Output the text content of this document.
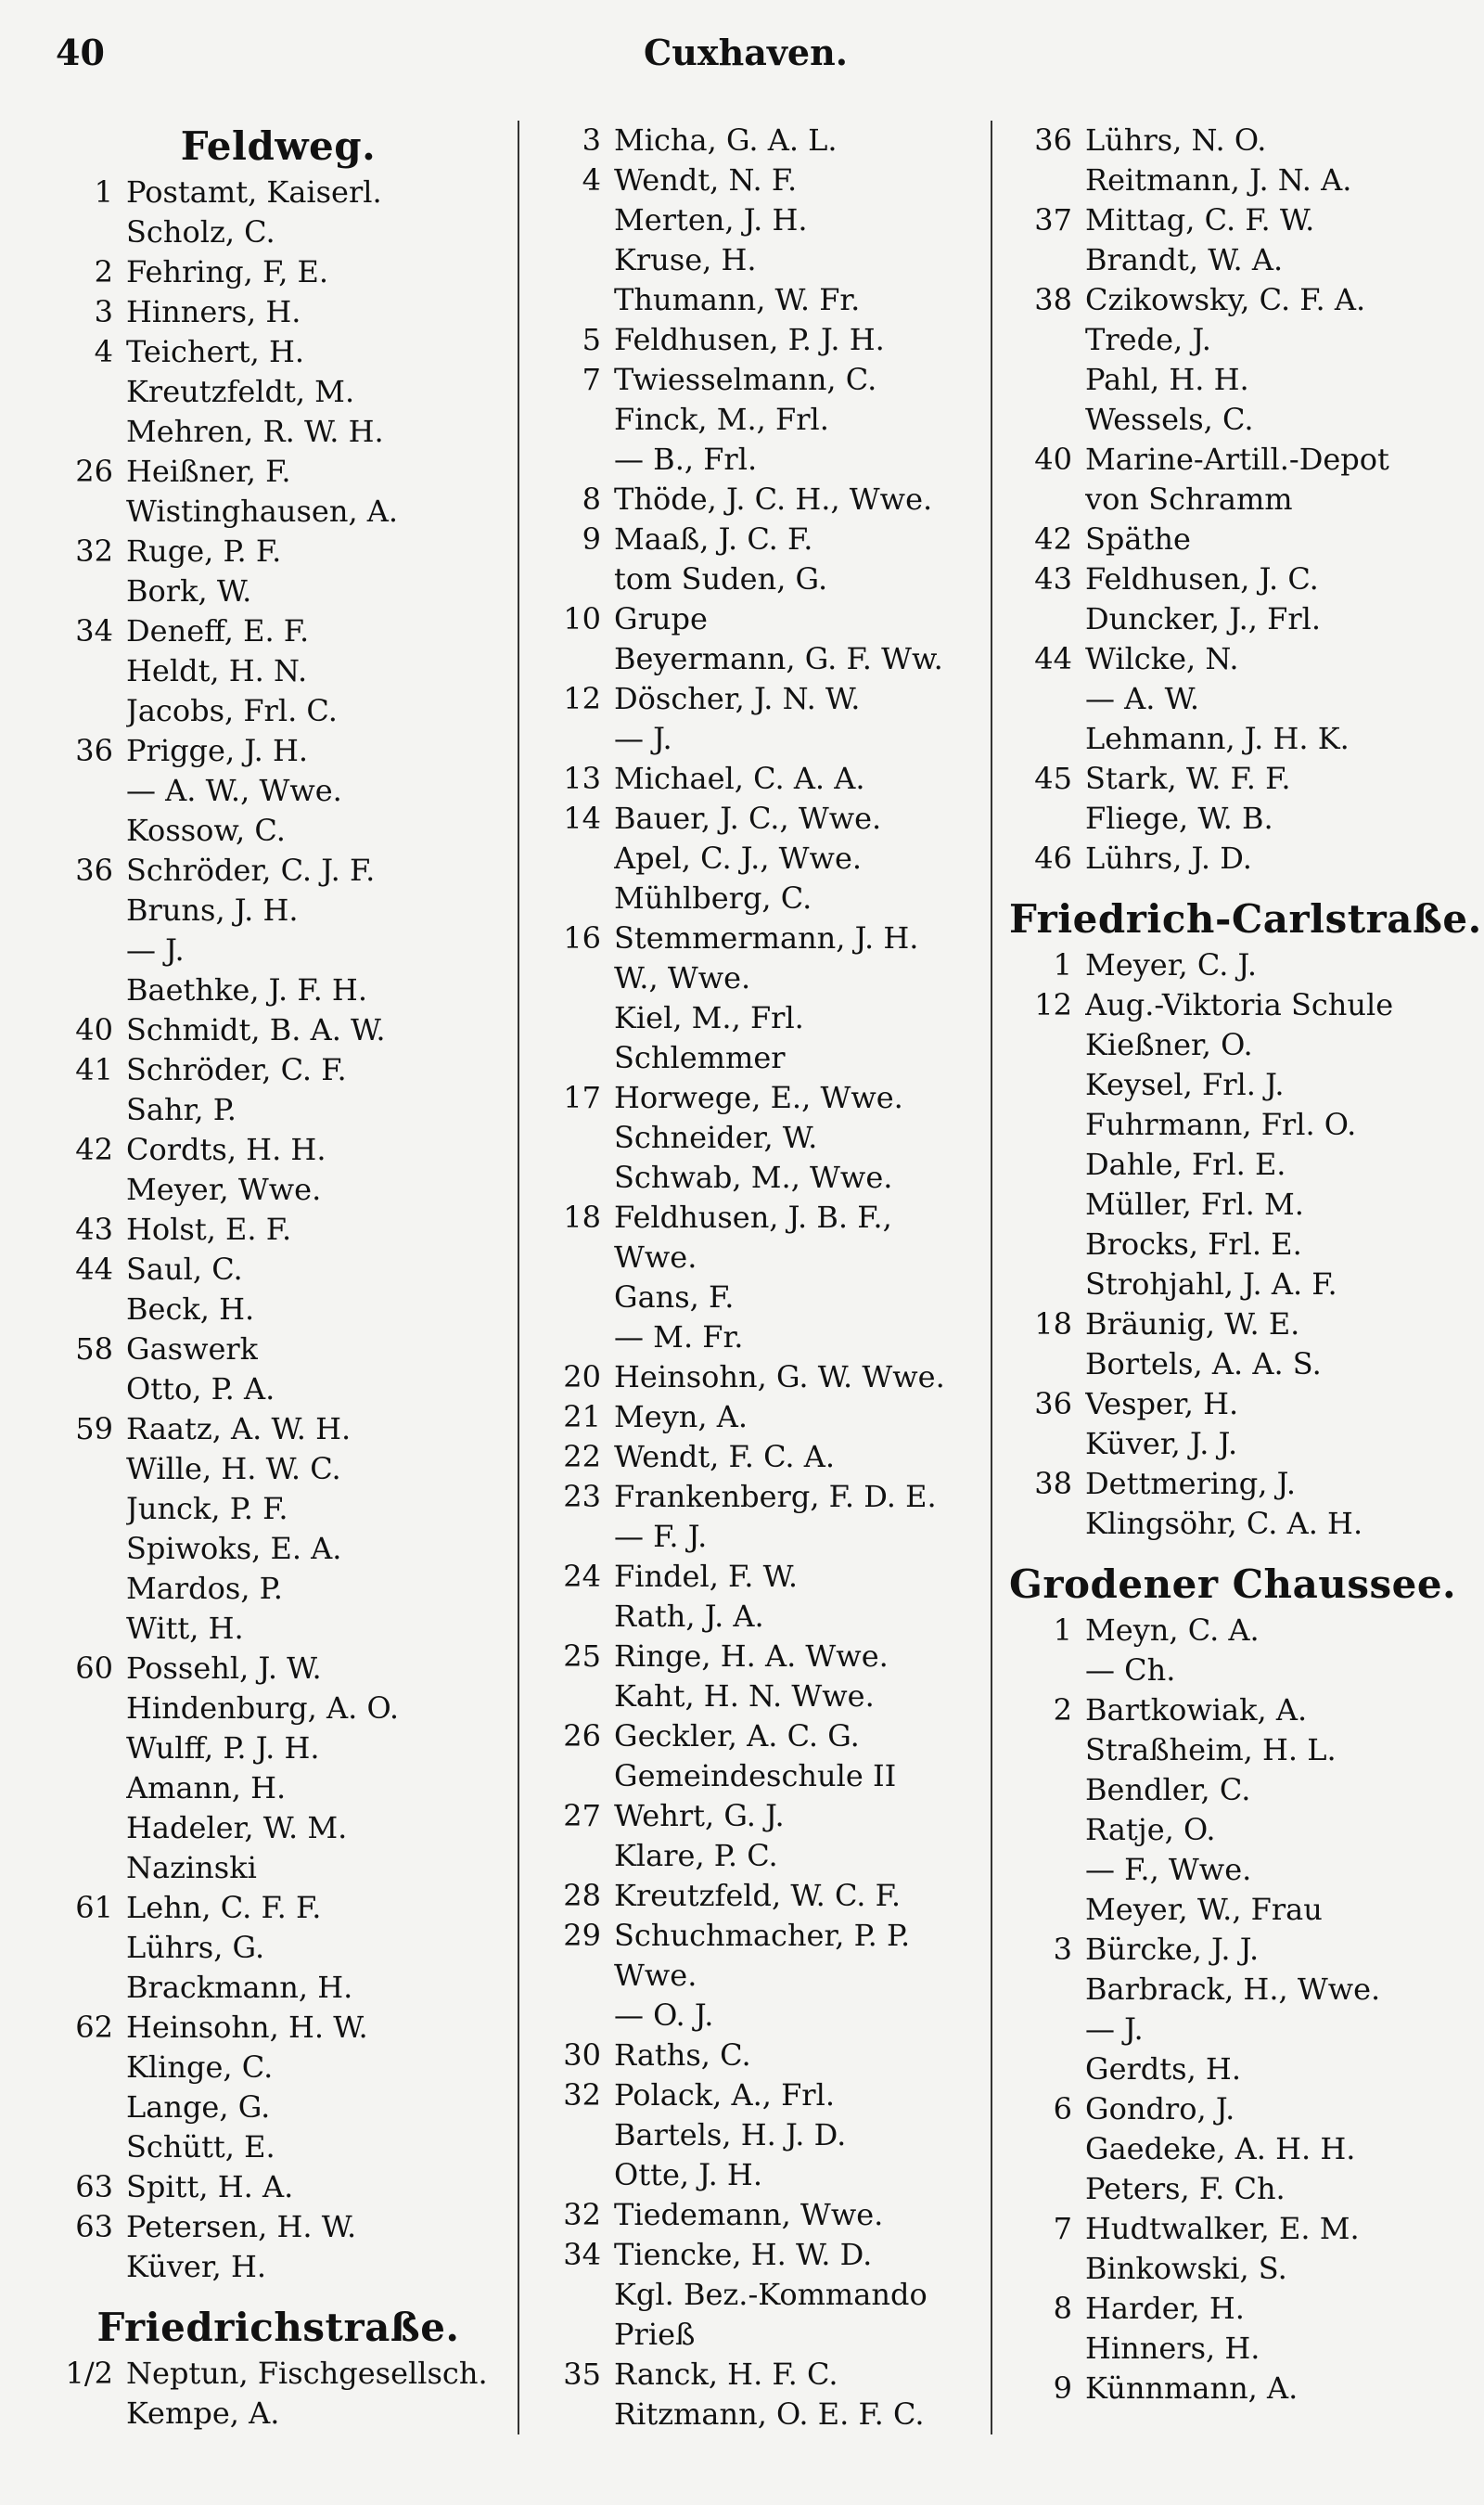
40	Cuxhaven.
Feldweg.
1 Postamt, Kaiserl.
Scholz, C.
2 Fehring, F, E.
3 Hinners, H.
4 Teichert, H.
Kreutzfeldt, M.
Mehren, R. W. H.
26 Heißner, F.
Wistinghausen, A.
32 Ruge, P. F.
Bork, W.
34 Deneff, E. F.
Heldt, H. N.
Jacobs, Frl. C.
36 Prigge, J. H.
— A. W., Wwe.
Kossow, C.
36 Schröder, C. J. F.
Bruns, J. H.
— J.
Baethke, J. F. H.
40 Schmidt, B. A. W.
41 Schröder, C. F.
Sahr, P.
42 Cordts, H. H.
Meyer, Wwe.
43 Holst, E. F.
44 Saul, C.
Beck, H.
58 Gaswerk
Otto, P. A.
59 Raatz, A. W. H.
Wille, H. W. C.
Junck, P. F.
Spiwoks, E. A.
Mardos, P.
Witt, H.
60 Possehl, J. W.
Hindenburg, A. O.
Wulff, P. J. H.
Amann, H.
Hadeler, W. M.
Nazinski
61 Lehn, C. F. F.
Lührs, G.
Brackmann, H.
62 Heinsohn, H. W.
Klinge, C.
Lange, G.
Schütt, E.
63 Spitt, H. A.
63 Petersen, H. W.
Küver, H.
Friedrichstraße.
1/2 Neptun, Fischgesellsch.
Kempe, A.
3 Micha, G. A. L.
4 Wendt, N. F.
Merten, J. H.
Kruse, H.
Thumann, W. Fr.
5 Feldhusen, P. J. H.
7 Twiesselmann, C.
Finck, M., Frl.
— B., Frl.
8 Thöde, J. C. H., Wwe.
9 Maaß, J. C. F.
tom Suden, G.
10 Grupe
Beyermann, G. F. Ww.
12 Döscher, J. N. W.
— J.
13 Michael, C. A. A.
14 Bauer, J. C., Wwe.
Apel, C. J., Wwe.
Mühlberg, C.
16 Stemmermann, J. H.
W., Wwe.
Kiel, M., Frl.
Schlemmer
17 Horwege, E., Wwe.
Schneider, W.
Schwab, M., Wwe.
18 Feldhusen, J. B. F.,
Wwe.
Gans, F.
— M. Fr.
20 Heinsohn, G. W. Wwe.
21 Meyn, A.
22 Wendt, F. C. A.
23 Frankenberg, F. D. E.
— F. J.
24 Findel, F. W.
Rath, J. A.
25 Ringe, H. A. Wwe.
Kaht, H. N. Wwe.
26 Geckler, A. C. G.
Gemeindeschule II
27 Wehrt, G. J.
Klare, P. C.
28 Kreutzfeld, W. C. F.
29 Schuchmacher, P. P.
Wwe.
— O. J.
30 Raths, C.
32 Polack, A., Frl.
Bartels, H. J. D.
Otte, J. H.
32 Tiedemann, Wwe.
34 Tiencke, H. W. D.
Kgl. Bez.-Kommando
Prieß
35 Ranck, H. F. C.
Ritzmann, O. E. F. C.
36 Lührs, N. O.
Reitmann, J. N. A.
37 Mittag, C. F. W.
Brandt, W. A.
38 Czikowsky, C. F. A.
Trede, J.
Pahl, H. H.
Wessels, C.
40 Marine-Artill.-Depot
von Schramm
42 Späthe
43 Feldhusen, J. C.
Duncker, J., Frl.
44 Wilcke, N.
— A. W.
Lehmann, J. H. K.
45 Stark, W. F. F.
Fliege, W. B.
46 Lührs, J. D.
Friedrich-Carlstraße.
1 Meyer, C. J.
12 Aug.-Viktoria Schule
Kießner, O.
Keysel, Frl. J.
Fuhrmann, Frl. O.
Dahle, Frl. E.
Müller, Frl. M.
Brocks, Frl. E.
Strohjahl, J. A. F.
18 Bräunig, W. E.
Bortels, A. A. S.
36 Vesper, H.
Küver, J. J.
38 Dettmering, J.
Klingsöhr, C. A. H.
Grodener Chaussee.
1 Meyn, C. A.
— Ch.
2 Bartkowiak, A.
Straßheim, H. L.
Bendler, C.
Ratje, O.
— F., Wwe.
Meyer, W., Frau
3 Bürcke, J. J.
Barbrack, H., Wwe.
— J.
Gerdts, H.
6 Gondro, J.
Gaedeke, A. H. H.
Peters, F. Ch.
7 Hudtwalker, E. M.
Binkowski, S.
8 Harder, H.
Hinners, H.
9 Künnmann, A.
